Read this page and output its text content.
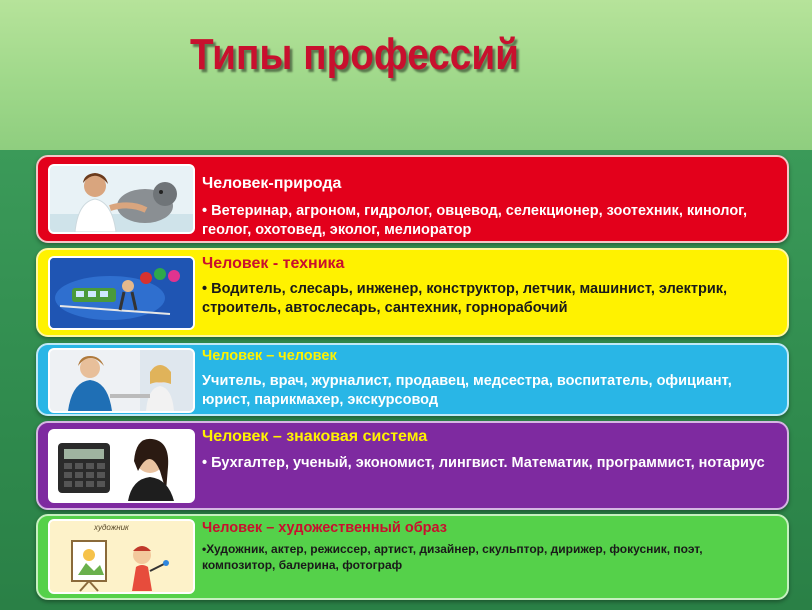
Типы профессий
Человек-природа
• Ветеринар, агроном, гидролог, овцевод, селекционер, зоотехник, кинолог, геолог, охотовед, эколог, мелиоратор
Человек - техника
• Водитель, слесарь, инженер, конструктор, летчик, машинист, электрик, строитель, автослесарь, сантехник, горнорабочий
Человек – человек
Учитель, врач, журналист, продавец, медсестра, воспитатель, официант, юрист, парикмахер, экскурсовод
Человек – знаковая система
• Бухгалтер, ученый, экономист, лингвист. Математик, программист, нотариус
художник	Человек – художественный образ
•Художник, актер, режиссер, артист, дизайнер, скульптор, дирижер, фокусник, поэт, композитор, балерина, фотограф
